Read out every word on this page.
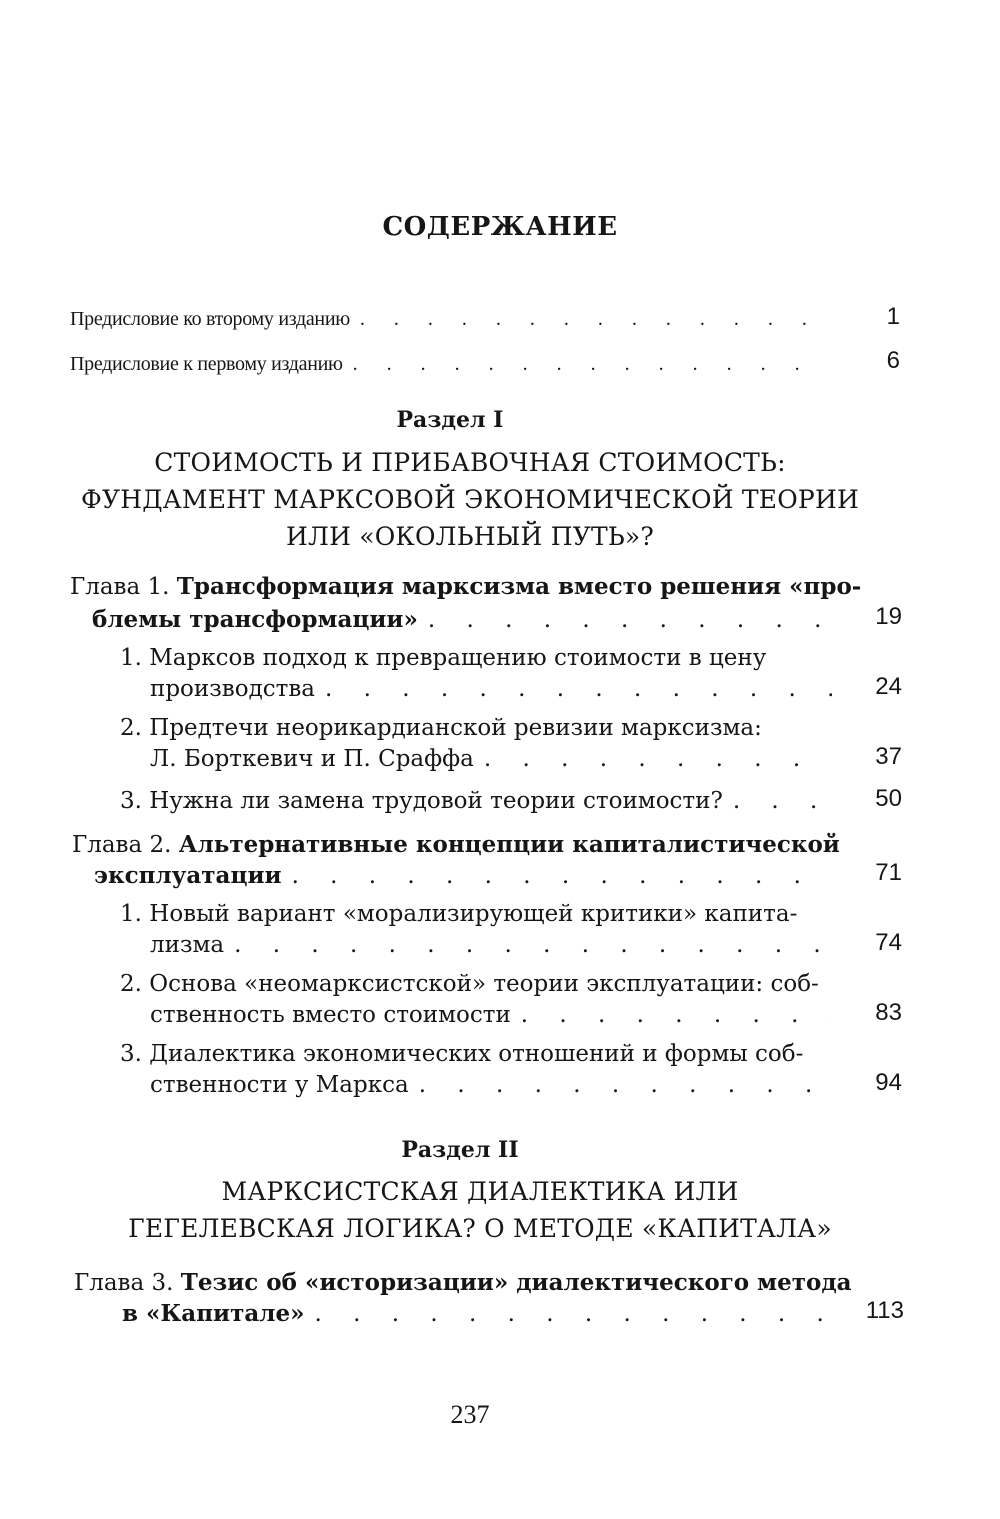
СОДЕРЖАНИЕ
Предисловие ко второму изданию . . .	1
Предисловие к первому изданию . . .	6
Раздел I
СТОИМОСТЬ И ПРИБАВОЧНАЯ СТОИМОСТЬ:
ФУНДАМЕНТ МАРКСОВОЙ ЭКОНОМИЧЕСКОЙ ТЕОРИИ
ИЛИ «ОКОЛЬНЫЙ ПУТЬ»?
Глава 1. Трансформация марксизма вместо решения «про-
блемы трансформации» . . .	19
1. Марксов подход к превращению стоимости в цену
производства . . .	24
2. Предтечи неорикардианской ревизии марксизма:
Л. Борткевич и П. Сраффа . . .	37
3. Нужна ли замена трудовой теории стоимости? . . .	50
Глава 2. Альтернативные концепции капиталистической
эксплуатации . . .	71
1. Новый вариант «морализирующей критики» капита-
лизма . . .	74
2. Основа «неомарксистской» теории эксплуатации: соб-
ственность вместо стоимости . . .	83
3. Диалектика экономических отношений и формы соб-
ственности у Маркса . . .	94
Раздел II
МАРКСИСТСКАЯ ДИАЛЕКТИКА ИЛИ
ГЕГЕЛЕВСКАЯ ЛОГИКА? О МЕТОДЕ «КАПИТАЛА»
Глава 3. Тезис об «историзации» диалектического метода
в «Капитале» . . .	113
237
